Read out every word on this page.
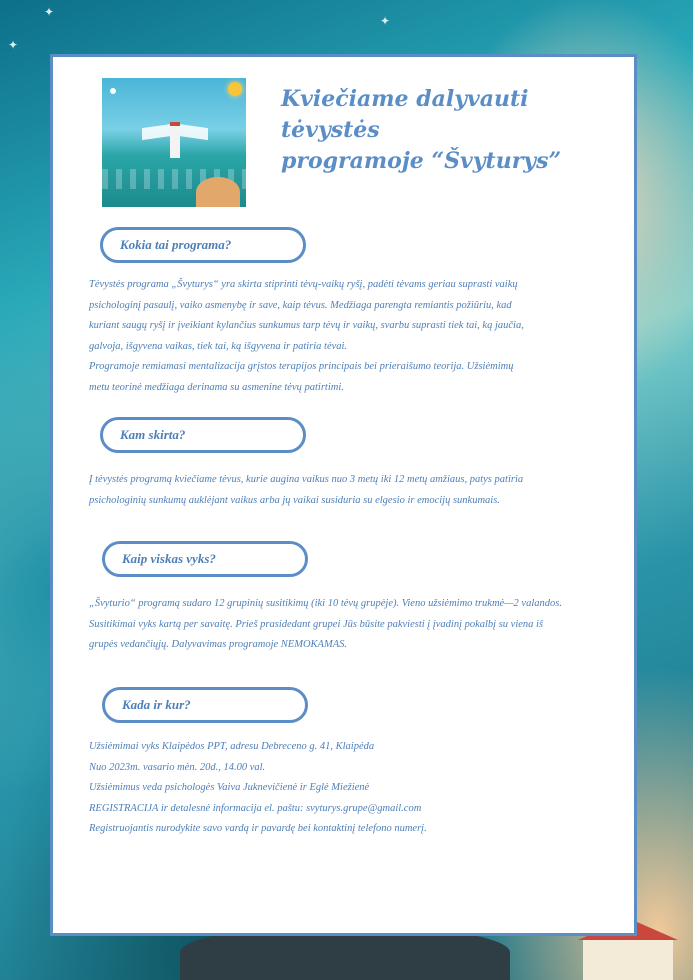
✦
✦
✦
Kviečiame dalyvauti tėvystės
programoje “Švyturys”
Kokia tai programa?

Tėvystės programa „Švyturys“ yra skirta stiprinti tėvų-vaikų ryšį, padėti tėvams geriau suprasti vaikų
psichologinį pasaulį, vaiko asmenybę ir save, kaip tėvus. Medžiaga parengta remiantis požiūriu, kad
kuriant saugų ryšį ir įveikiant kylančius sunkumus tarp tėvų ir vaikų, svarbu suprasti tiek tai, ką jaučia,
galvoja, išgyvena vaikas, tiek tai, ką išgyvena ir patiria tėvai.
Programoje remiamasi mentalizacija grįstos terapijos principais bei prieraišumo teorija. Užsiėmimų
metu teorinė medžiaga derinama su asmenine tėvų patirtimi.

Kam skirta?

Į tėvystės programą kviečiame tėvus, kurie augina vaikus nuo 3 metų iki 12 metų amžiaus, patys patiria
psichologinių sunkumų auklėjant vaikus arba jų vaikai susiduria su elgesio ir emocijų sunkumais.

Kaip viskas vyks?

„Švyturio“ programą sudaro 12 grupinių susitikimų (iki 10 tėvų grupėje). Vieno užsiėmimo trukmė—2 valandos.
Susitikimai vyks kartą per savaitę. Prieš prasidedant grupei Jūs būsite pakviesti į įvadinį pokalbį su viena iš
grupės vedančiųjų. Dalyvavimas programoje NEMOKAMAS.

Kada ir kur?

Užsiėmimai vyks Klaipėdos PPT, adresu Debreceno g. 41, Klaipėda
Nuo 2023m. vasario mėn. 20d., 14.00 val.
Užsiėmimus veda psichologės Vaiva Juknevičienė ir Eglė Miežienė
REGISTRACIJA ir detalesnė informacija el. paštu: svyturys.grupe@gmail.com
Registruojantis nurodykite savo vardą ir pavardę bei kontaktinį telefono numerį.
